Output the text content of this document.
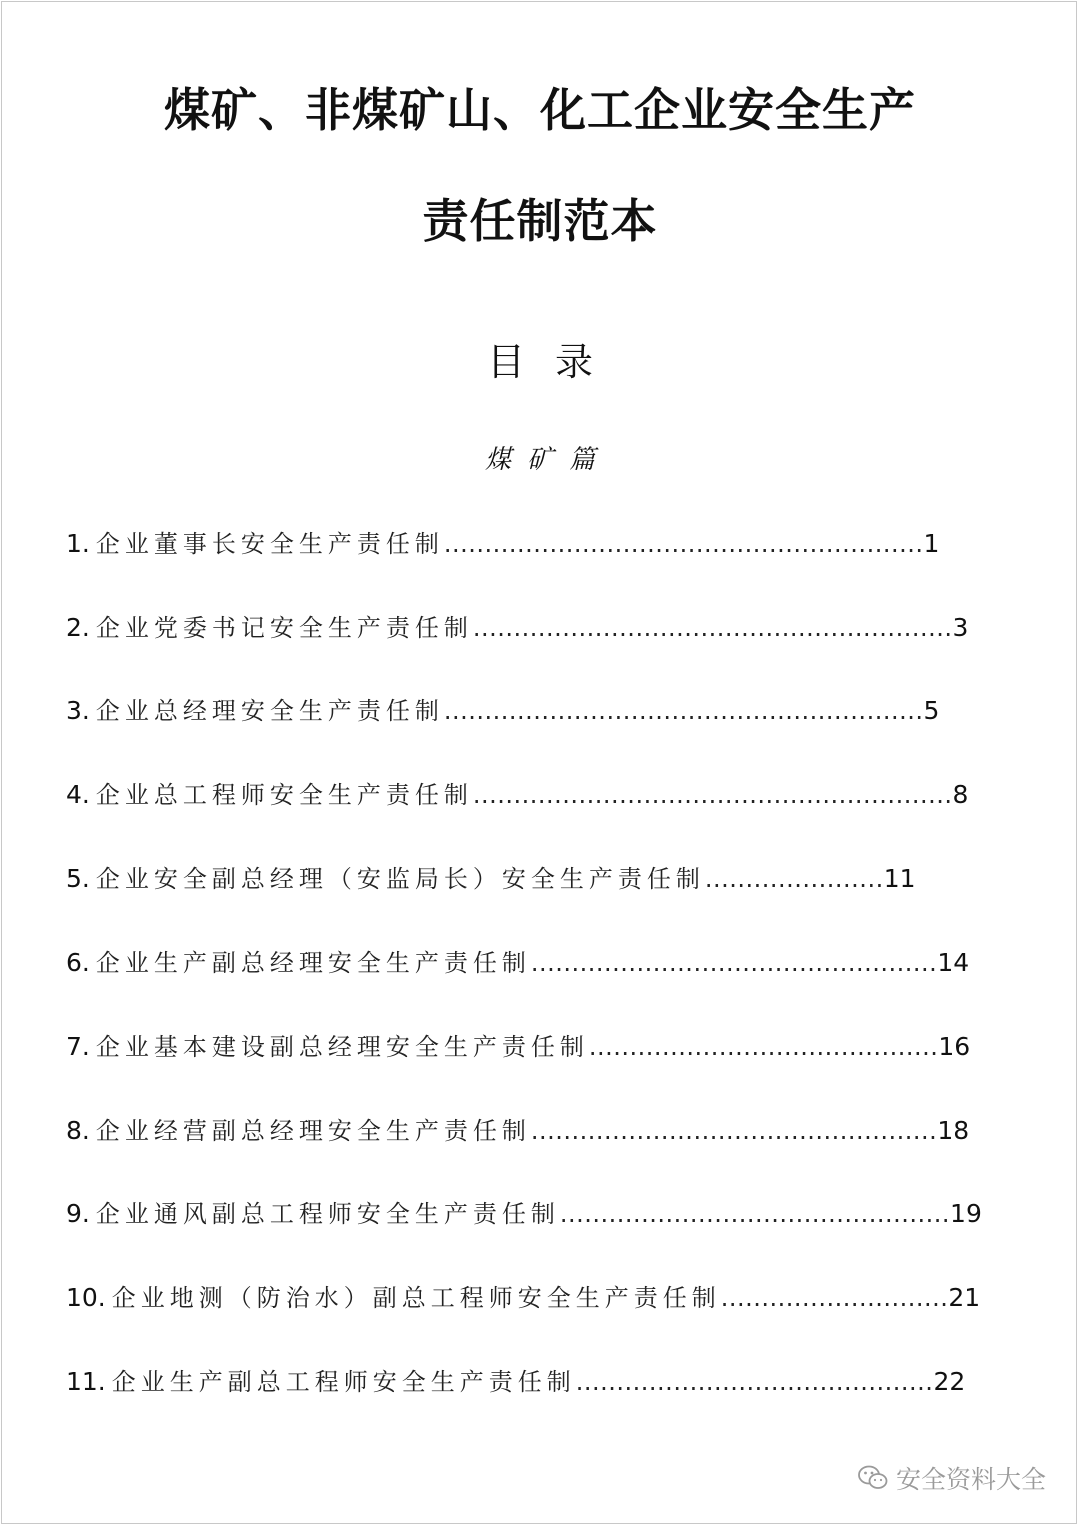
煤矿、非煤矿山、化工企业安全生产
责任制范本
目录
煤矿篇
1. 企业董事长安全生产责任制 ........................................................... 1
2. 企业党委书记安全生产责任制 ........................................................... 3
3. 企业总经理安全生产责任制 ........................................................... 5
4. 企业总工程师安全生产责任制 ........................................................... 8
5. 企业安全副总经理（安监局长）安全生产责任制 ...................... 11
6. 企业生产副总经理安全生产责任制 .................................................. 14
7. 企业基本建设副总经理安全生产责任制 ........................................... 16
8. 企业经营副总经理安全生产责任制 .................................................. 18
9. 企业通风副总工程师安全生产责任制 ................................................ 19
10. 企业地测（防治水）副总工程师安全生产责任制 ............................ 21
11. 企业生产副总工程师安全生产责任制 ............................................ 22
安全资料大全
